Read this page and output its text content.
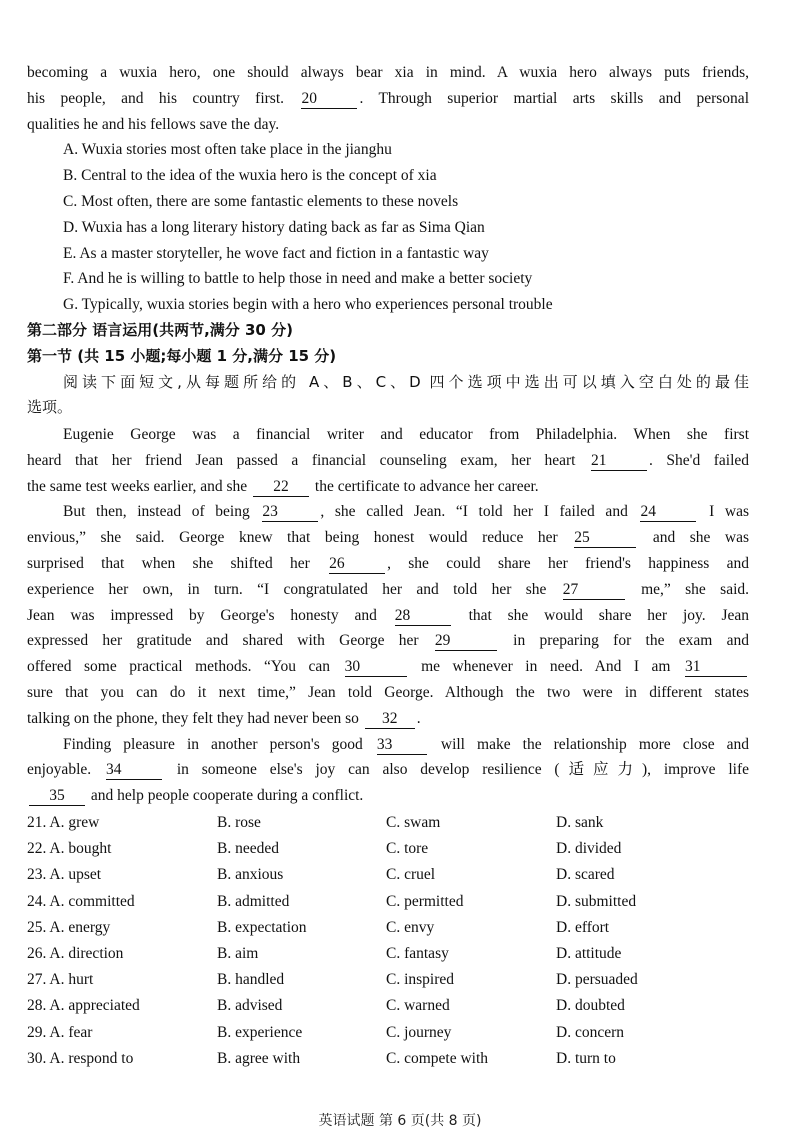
becoming a wuxia hero, one should always bear xia in mind. A wuxia hero always puts friends,
his people, and his country first. 20	. Through superior martial arts skills and personal
qualities he and his fellows save the day.
A. Wuxia stories most often take place in the jianghu
B. Central to the idea of the wuxia hero is the concept of xia
C. Most often, there are some fantastic elements to these novels
D. Wuxia has a long literary history dating back as far as Sima Qian
E. As a master storyteller, he wove fact and fiction in a fantastic way
F. And he is willing to battle to help those in need and make a better society
G. Typically, wuxia stories begin with a hero who experiences personal trouble
第二部分 语言运用(共两节,满分 30 分)
第一节 (共 15 小题;每小题 1 分,满分 15 分)
阅读下面短文,从每题所给的 A、B、C、D 四个选项中选出可以填入空白处的最佳
选项。
Eugenie George was a financial writer and educator from Philadelphia. When she first
heard that her friend Jean passed a financial counseling exam, her heart 21	. She'd failed
the same test weeks earlier, and she 22 the certificate to advance her career.
But then, instead of being 23	, she called Jean. “I told her I failed and 24	I was
envious,” she said. George knew that being honest would reduce her 25	and she was
surprised that when she shifted her 26	, she could share her friend's happiness and
experience her own, in turn. “I congratulated her and told her she 27	me,” she said.
Jean was impressed by George's honesty and 28	that she would share her joy. Jean
expressed her gratitude and shared with George her 29	in preparing for the exam and
offered some practical methods. “You can 30	me whenever in need. And I am 31
sure that you can do it next time,” Jean told George. Although the two were in different states
talking on the phone, they felt they had never been so 32 .
Finding pleasure in another person's good 33	will make the relationship more close and
enjoyable. 34	in someone else's joy can also develop resilience (适应力), improve life
35 and help people cooperate during a conflict.
21. A. grew	B. rose	C. swam	D. sank
22. A. bought	B. needed	C. tore	D. divided
23. A. upset	B. anxious	C. cruel	D. scared
24. A. committed	B. admitted	C. permitted	D. submitted
25. A. energy	B. expectation	C. envy	D. effort
26. A. direction	B. aim	C. fantasy	D. attitude
27. A. hurt	B. handled	C. inspired	D. persuaded
28. A. appreciated	B. advised	C. warned	D. doubted
29. A. fear	B. experience	C. journey	D. concern
30. A. respond to	B. agree with	C. compete with	D. turn to
英语试题 第 6 页(共 8 页)
